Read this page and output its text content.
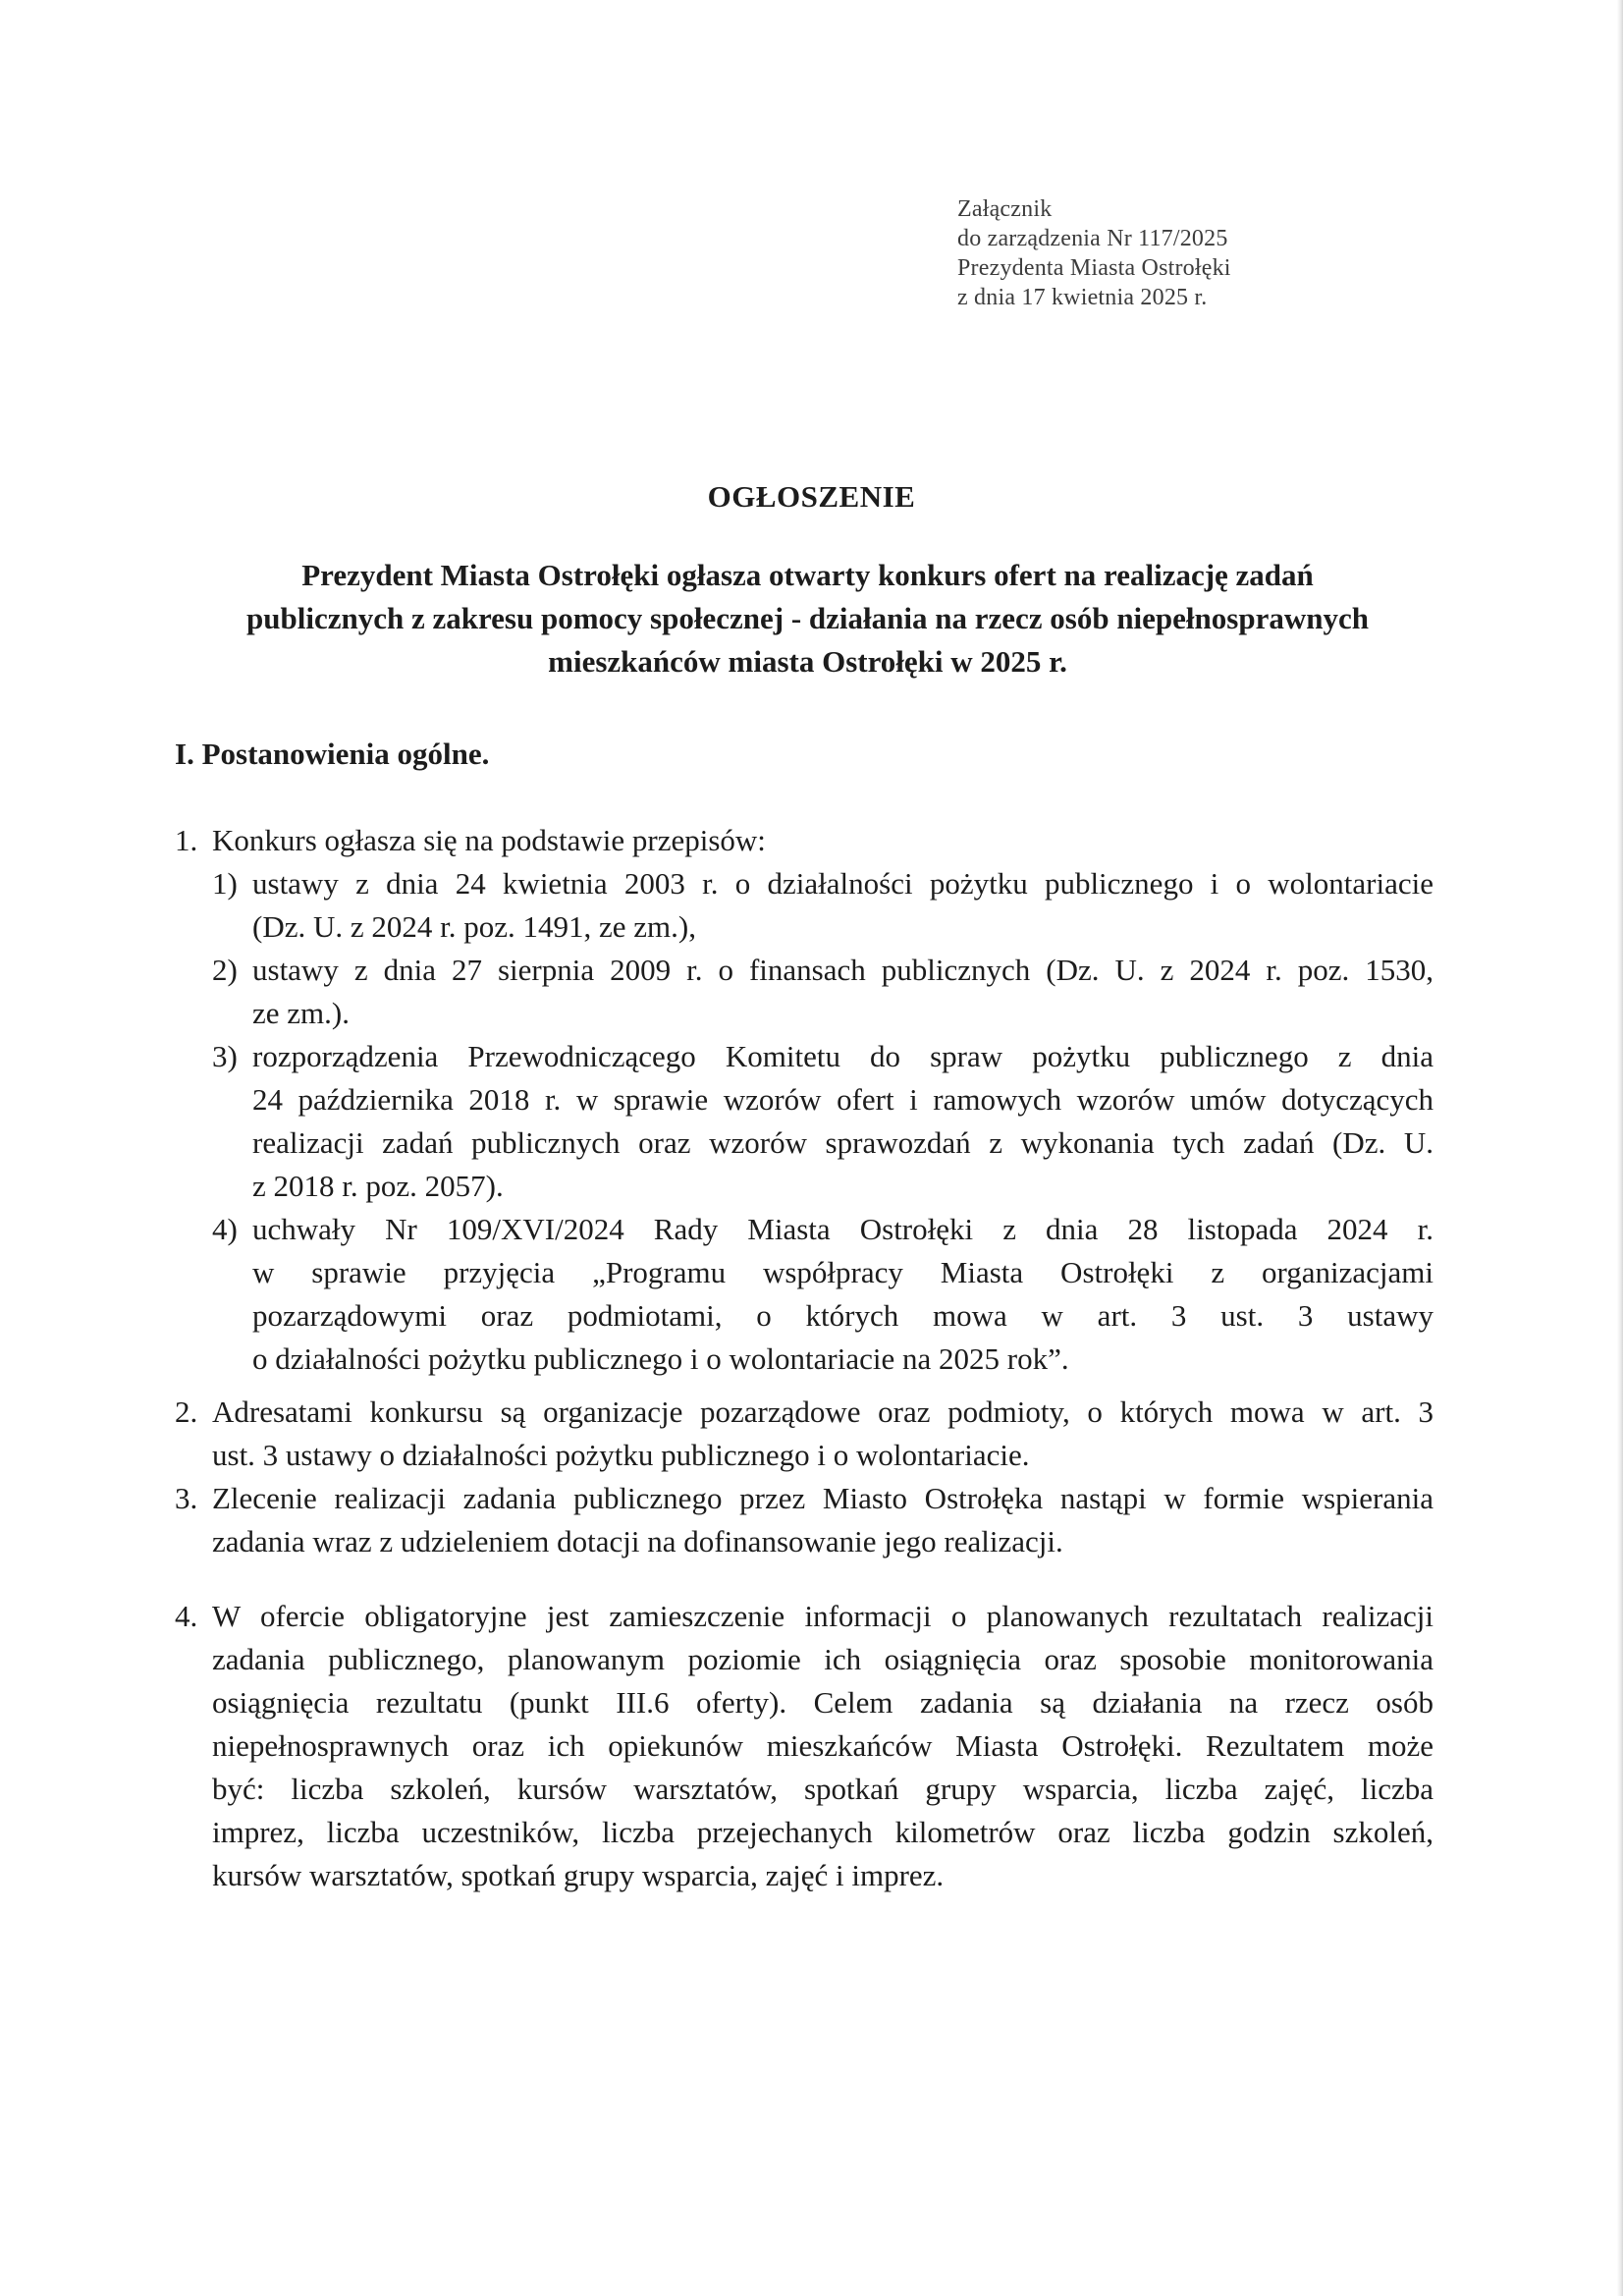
Załącznik
do zarządzenia Nr 117/2025
Prezydenta Miasta Ostrołęki
z dnia 17 kwietnia 2025 r.
OGŁOSZENIE
Prezydent Miasta Ostrołęki ogłasza otwarty konkurs ofert na realizację zadań
publicznych z zakresu pomocy społecznej - działania na rzecz osób niepełnosprawnych
mieszkańców miasta Ostrołęki w 2025 r.
I. Postanowienia ogólne.
1. Konkurs ogłasza się na podstawie przepisów:
1) ustawy z dnia 24 kwietnia 2003 r. o działalności pożytku publicznego i o wolontariacie
(Dz. U. z 2024 r. poz. 1491, ze zm.),
2) ustawy z dnia 27 sierpnia 2009 r. o finansach publicznych (Dz. U. z 2024 r. poz. 1530,
ze zm.).
3) rozporządzenia Przewodniczącego Komitetu do spraw pożytku publicznego z dnia
24 października 2018 r. w sprawie wzorów ofert i ramowych wzorów umów dotyczących
realizacji zadań publicznych oraz wzorów sprawozdań z wykonania tych zadań (Dz. U.
z 2018 r. poz. 2057).
4) uchwały Nr 109/XVI/2024 Rady Miasta Ostrołęki z dnia 28 listopada 2024 r.
w sprawie przyjęcia „Programu współpracy Miasta Ostrołęki z organizacjami
pozarządowymi oraz podmiotami, o których mowa w art. 3 ust. 3 ustawy
o działalności pożytku publicznego i o wolontariacie na 2025 rok”.
2. Adresatami konkursu są organizacje pozarządowe oraz podmioty, o których mowa w art. 3
ust. 3 ustawy o działalności pożytku publicznego i o wolontariacie.
3. Zlecenie realizacji zadania publicznego przez Miasto Ostrołęka nastąpi w formie wspierania
zadania wraz z udzieleniem dotacji na dofinansowanie jego realizacji.
4. W ofercie obligatoryjne jest zamieszczenie informacji o planowanych rezultatach realizacji
zadania publicznego, planowanym poziomie ich osiągnięcia oraz sposobie monitorowania
osiągnięcia rezultatu (punkt III.6 oferty). Celem zadania są działania na rzecz osób
niepełnosprawnych oraz ich opiekunów mieszkańców Miasta Ostrołęki. Rezultatem może
być: liczba szkoleń, kursów warsztatów, spotkań grupy wsparcia, liczba zajęć, liczba
imprez, liczba uczestników, liczba przejechanych kilometrów oraz liczba godzin szkoleń,
kursów warsztatów, spotkań grupy wsparcia, zajęć i imprez.
